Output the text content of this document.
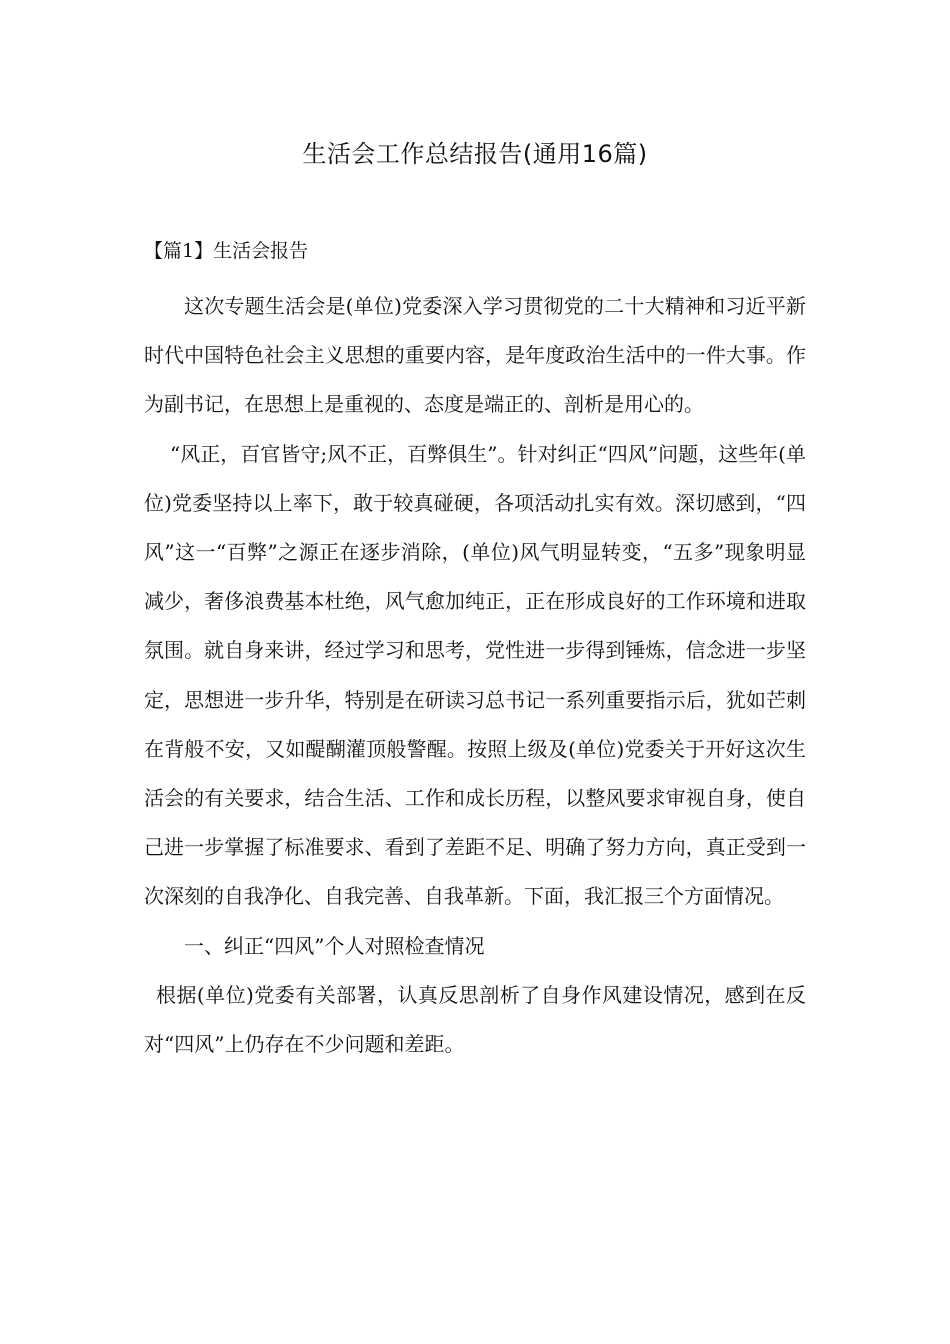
生活会工作总结报告(通用16篇)
【篇1】生活会报告

这次专题生活会是(单位)党委深入学习贯彻党的二十大精神和习近平新时代中国特色社会主义思想的重要内容，是年度政治生活中的一件大事。作为副书记，在思想上是重视的、态度是端正的、剖析是用心的。

“风正，百官皆守;风不正，百弊俱生”。针对纠正“四风”问题，这些年(单位)党委坚持以上率下，敢于较真碰硬，各项活动扎实有效。深切感到，“四风”这一“百弊”之源正在逐步消除，(单位)风气明显转变，“五多”现象明显减少，奢侈浪费基本杜绝，风气愈加纯正，正在形成良好的工作环境和进取氛围。就自身来讲，经过学习和思考，党性进一步得到锤炼，信念进一步坚定，思想进一步升华，特别是在研读习总书记一系列重要指示后，犹如芒刺在背般不安，又如醍醐灌顶般警醒。按照上级及(单位)党委关于开好这次生活会的有关要求，结合生活、工作和成长历程，以整风要求审视自身，使自己进一步掌握了标准要求、看到了差距不足、明确了努力方向，真正受到一次深刻的自我净化、自我完善、自我革新。下面，我汇报三个方面情况。

一、纠正“四风”个人对照检查情况

根据(单位)党委有关部署，认真反思剖析了自身作风建设情况，感到在反对“四风”上仍存在不少问题和差距。
